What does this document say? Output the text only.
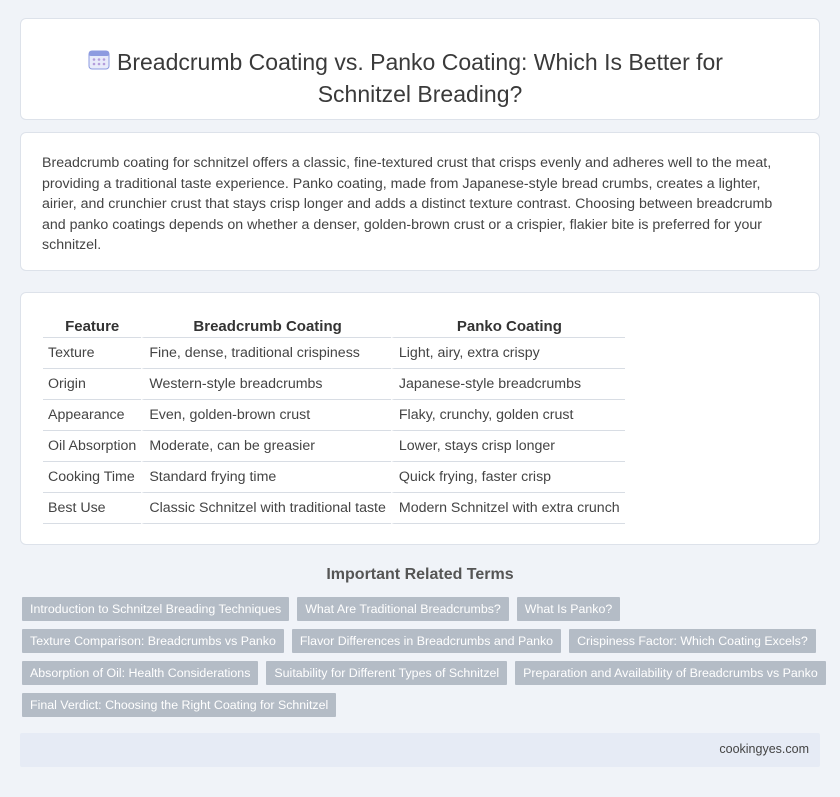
Breadcrumb Coating vs. Panko Coating: Which Is Better for Schnitzel Breading?

Breadcrumb coating for schnitzel offers a classic, fine-textured crust that crisps evenly and adheres well to the meat, providing a traditional taste experience. Panko coating, made from Japanese-style bread crumbs, creates a lighter, airier, and crunchier crust that stays crisp longer and adds a distinct texture contrast. Choosing between breadcrumb and panko coatings depends on whether a denser, golden-brown crust or a crispier, flakier bite is preferred for your schnitzel.

Feature	Breadcrumb Coating	Panko Coating
Texture	Fine, dense, traditional crispiness	Light, airy, extra crispy
Origin	Western-style breadcrumbs	Japanese-style breadcrumbs
Appearance	Even, golden-brown crust	Flaky, crunchy, golden crust
Oil Absorption	Moderate, can be greasier	Lower, stays crisp longer
Cooking Time	Standard frying time	Quick frying, faster crisp
Best Use	Classic Schnitzel with traditional taste	Modern Schnitzel with extra crunch
Important Related Terms
Introduction to Schnitzel Breading Techniques	What Are Traditional Breadcrumbs?	What Is Panko?
Texture Comparison: Breadcrumbs vs Panko	Flavor Differences in Breadcrumbs and Panko	Crispiness Factor: Which Coating Excels?
Absorption of Oil: Health Considerations	Suitability for Different Types of Schnitzel	Preparation and Availability of Breadcrumbs vs Panko
Final Verdict: Choosing the Right Coating for Schnitzel
cookingyes.com
